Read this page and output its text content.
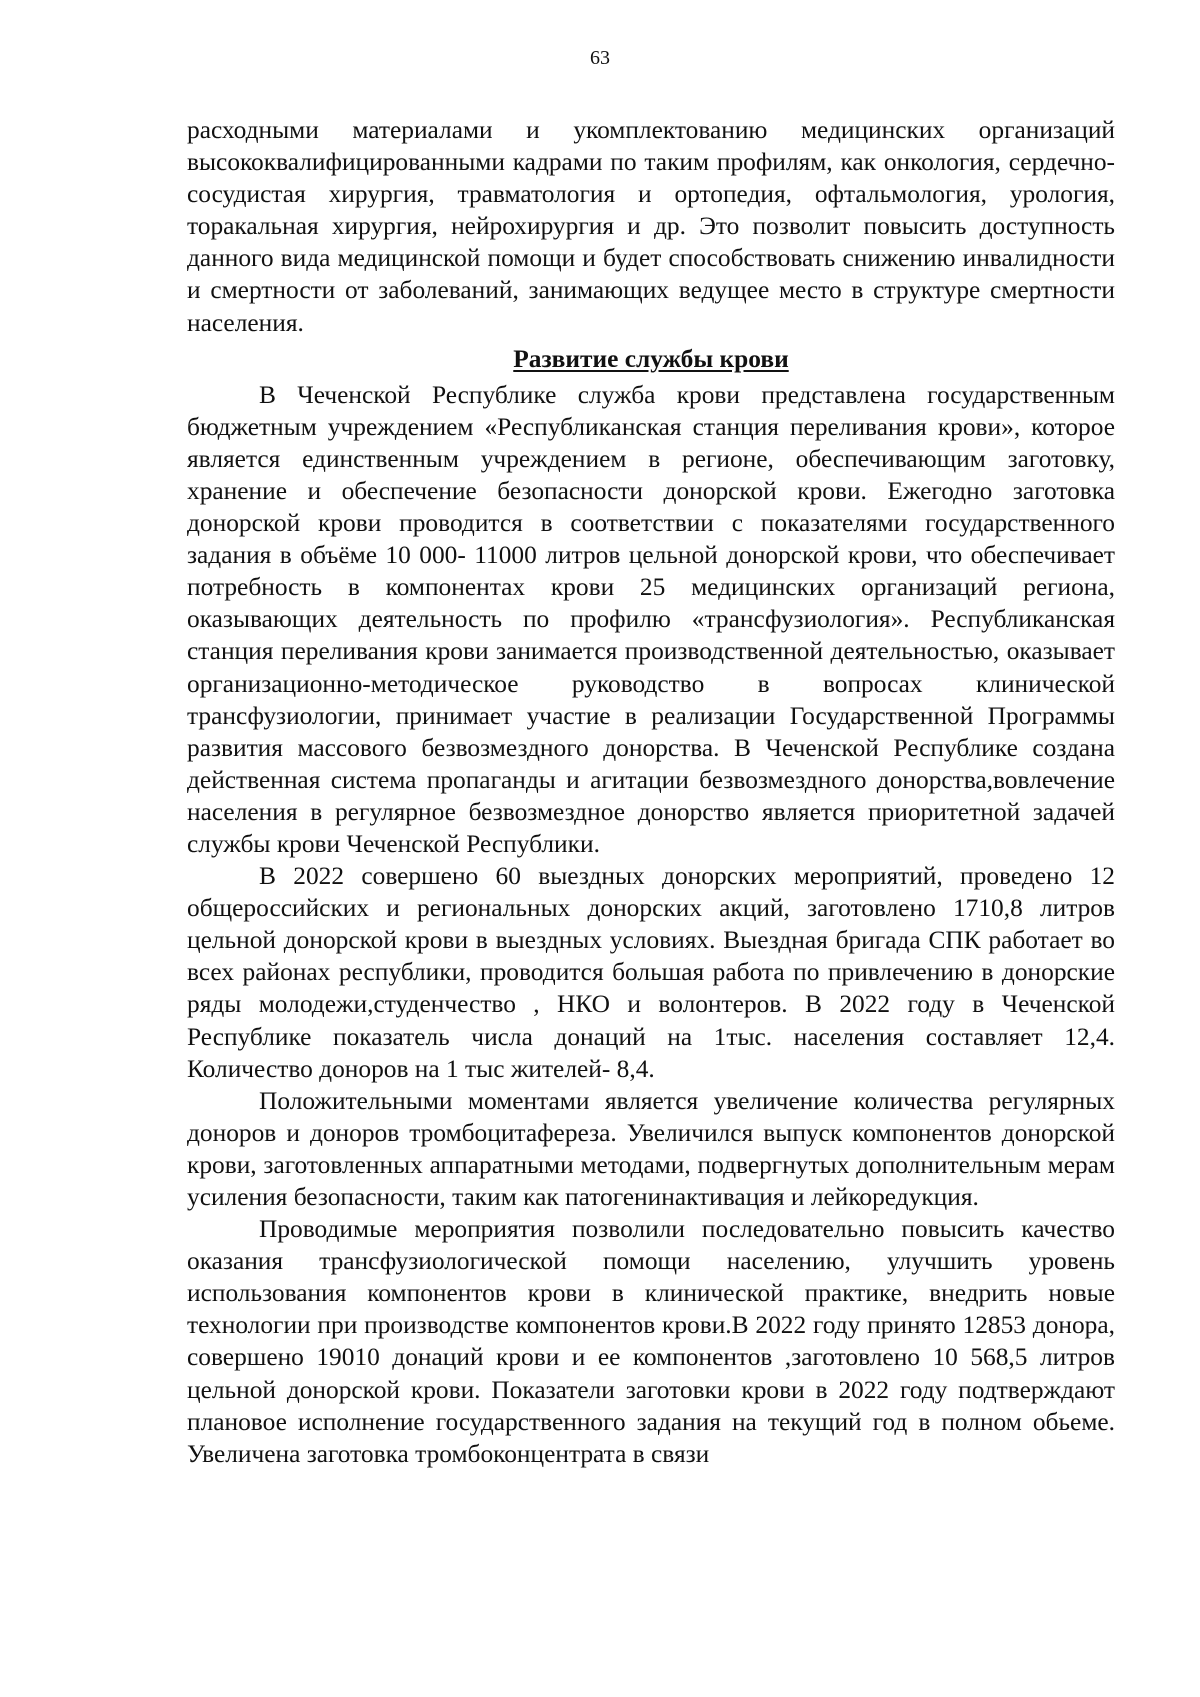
63

расходными материалами и укомплектованию медицинских организаций высококвалифицированными кадрами по таким профилям, как онкология, сердечно-сосудистая хирургия, травматология и ортопедия, офтальмология, урология, торакальная хирургия, нейрохирургия и др. Это позволит повысить доступность данного вида медицинской помощи и будет способствовать снижению инвалидности и смертности от заболеваний, занимающих ведущее место в структуре смертности населения.

Развитие службы крови

В Чеченской Республике служба крови представлена государственным бюджетным учреждением «Республиканская станция переливания крови», которое является единственным учреждением в регионе, обеспечивающим заготовку, хранение и обеспечение безопасности донорской крови. Ежегодно заготовка донорской крови проводится в соответствии с показателями государственного задания в объёме 10 000- 11000 литров цельной донорской крови, что обеспечивает потребность в компонентах крови 25 медицинских организаций региона, оказывающих деятельность по профилю «трансфузиология». Республиканская станция переливания крови занимается производственной деятельностью, оказывает организационно-методическое руководство в вопросах клинической трансфузиологии, принимает участие в реализации Государственной Программы развития массового безвозмездного донорства. В Чеченской Республике создана действенная система пропаганды и агитации безвозмездного донорства,вовлечение населения в регулярное безвозмездное донорство является приоритетной задачей службы крови Чеченской Республики.

В 2022 совершено 60 выездных донорских мероприятий, проведено 12 общероссийских и региональных донорских акций, заготовлено 1710,8 литров цельной донорской крови в выездных условиях. Выездная бригада СПК работает во всех районах республики, проводится большая работа по привлечению в донорские ряды молодежи,студенчество , НКО и волонтеров. В 2022 году в Чеченской Республике показатель числа донаций на 1тыс. населения составляет 12,4. Количество доноров на 1 тыс жителей- 8,4.

Положительными моментами является увеличение количества регулярных доноров и доноров тромбоцитафереза. Увеличился выпуск компонентов донорской крови, заготовленных аппаратными методами, подвергнутых дополнительным мерам усиления безопасности, таким как патогенинактивация и лейкоредукция.

Проводимые мероприятия позволили последовательно повысить качество оказания трансфузиологической помощи населению, улучшить уровень использования компонентов крови в клинической практике, внедрить новые технологии при производстве компонентов крови.В 2022 году принято 12853 донора, совершено 19010 донаций крови и ее компонентов ,заготовлено 10 568,5 литров цельной донорской крови. Показатели заготовки крови в 2022 году подтверждают плановое исполнение государственного задания на текущий год в полном обьеме. Увеличена заготовка тромбоконцентрата в связи
